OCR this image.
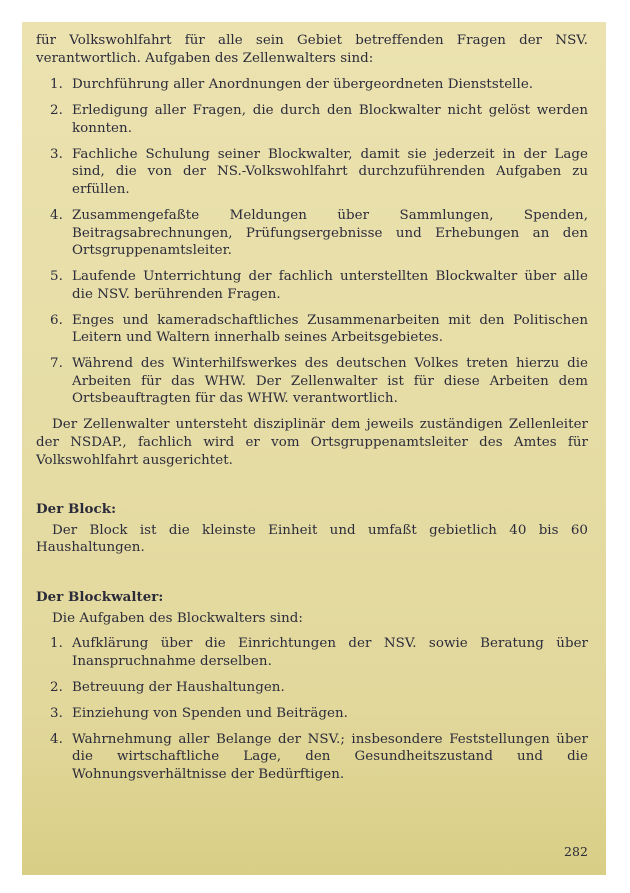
für Volkswohlfahrt für alle sein Gebiet betreffenden Fragen der NSV. verantwortlich. Aufgaben des Zellenwalters sind:

1. Durchführung aller Anordnungen der übergeordneten Dienststelle.
2. Erledigung aller Fragen, die durch den Blockwalter nicht gelöst werden konnten.
3. Fachliche Schulung seiner Blockwalter, damit sie jederzeit in der Lage sind, die von der NS.-Volkswohlfahrt durchzuführenden Aufgaben zu erfüllen.
4. Zusammengefaßte Meldungen über Sammlungen, Spenden, Beitragsabrechnungen, Prüfungsergebnisse und Erhebungen an den Ortsgruppenamtsleiter.
5. Laufende Unterrichtung der fachlich unterstellten Blockwalter über alle die NSV. berührenden Fragen.
6. Enges und kameradschaftliches Zusammenarbeiten mit den Politischen Leitern und Waltern innerhalb seines Arbeitsgebietes.
7. Während des Winterhilfswerkes des deutschen Volkes treten hierzu die Arbeiten für das WHW. Der Zellenwalter ist für diese Arbeiten dem Ortsbeauftragten für das WHW. verantwortlich.

Der Zellenwalter untersteht disziplinär dem jeweils zuständigen Zellenleiter der NSDAP., fachlich wird er vom Ortsgruppenamtsleiter des Amtes für Volkswohlfahrt ausgerichtet.

Der Block:

Der Block ist die kleinste Einheit und umfaßt gebietlich 40 bis 60 Haushaltungen.

Der Blockwalter:

Die Aufgaben des Blockwalters sind:

1. Aufklärung über die Einrichtungen der NSV. sowie Beratung über Inanspruchnahme derselben.
2. Betreuung der Haushaltungen.
3. Einziehung von Spenden und Beiträgen.
4. Wahrnehmung aller Belange der NSV.; insbesondere Feststellungen über die wirtschaftliche Lage, den Gesundheitszustand und die Wohnungsverhältnisse der Bedürftigen.
282
